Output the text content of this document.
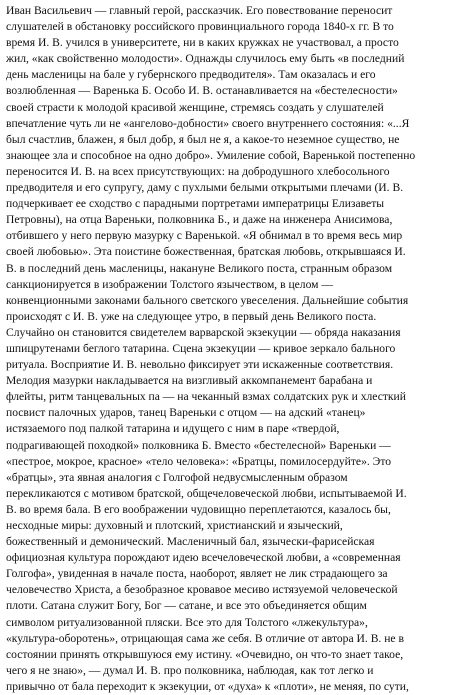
Иван Васильевич — главный герой, рассказчик. Его повествование переносит
слушателей в обстановку российского провинциального города 1840-х гг. В то
время И. В. учился в университете, ни в каких кружках не участвовал, а просто
жил, «как свойственно молодости». Однажды случилось ему быть «в последний
день масленицы на бале у губернского предводителя». Там оказалась и его
возлюбленная — Варенька Б. Особо И. В. останавливается на «бестелесности»
своей страсти к молодой красивой женщине, стремясь создать у слушателей
впечатление чуть ли не «ангелово-добности» своего внутреннего состояния: «...Я
был счастлив, блажен, я был добр, я был не я, а какое-то неземное существо, не
знающее зла и способное на одно добро». Умиление собой, Варенькой постепенно
переносится И. В. на всех присутствующих: на добродушного хлебосольного
предводителя и его супругу, даму с пухлыми белыми открытыми плечами (И. В.
подчеркивает ее сходство с парадными портретами императрицы Елизаветы
Петровны), на отца Вареньки, полковника Б., и даже на инженера Анисимова,
отбившего у него первую мазурку с Варенькой. «Я обнимал в то время весь мир
своей любовью». Эта поистине божественная, братская любовь, открывшаяся И.
В. в последний день масленицы, накануне Великого поста, странным образом
санкционируется в изображении Толстого язычеством, в целом —
конвенционными законами бального светского увеселения. Дальнейшие события
происходят с И. В. уже на следующее утро, в первый день Великого поста.
Случайно он становится свидетелем варварской экзекуции — обряда наказания
шпицрутенами беглого татарина. Сцена экзекуции — кривое зеркало бального
ритуала. Восприятие И. В. невольно фиксирует эти искаженные соответствия.
Мелодия мазурки накладывается на визгливый аккомпанемент барабана и
флейты, ритм танцевальных па — на чеканный взмах солдатских рук и хлесткий
посвист палочных ударов, танец Вареньки с отцом — на адский «танец»
истязаемого под палкой татарина и идущего с ним в паре «твердой,
подрагивающей походкой» полковника Б. Вместо «бестелесной» Вареньки —
«пестрое, мокрое, красное» «тело человека»: «Братцы, помилосердуйте». Это
«братцы», эта явная аналогия с Голгофой недвусмысленным образом
перекликаются с мотивом братской, общечеловеческой любви, испытываемой И.
В. во время бала. В его воображении чудовищно переплетаются, казалось бы,
несходные миры: духовный и плотский, христианский и языческий,
божественный и демонический. Масленичный бал, язычески-фарисейская
официозная культура порождают идею всечеловеческой любви, а «современная
Голгофа», увиденная в начале поста, наоборот, являет не лик страдающего за
человечество Христа, а безобразное кровавое месиво истязуемой человеческой
плоти. Сатана служит Богу, Бог — сатане, и все это объединяется общим
символом ритуализованной пляски. Все это для Толстого «лжекультура»,
«культура-оборотень», отрицающая сама же себя. В отличие от автора И. В. не в
состоянии принять открывшуюся ему истину. «Очевидно, он что-то знает такое,
чего я не знаю», — думал И. В. про полковника, наблюдая, как тот легко и
привычно от бала переходит к экзекуции, от «духа» к «плоти», не меняя, по сути,
